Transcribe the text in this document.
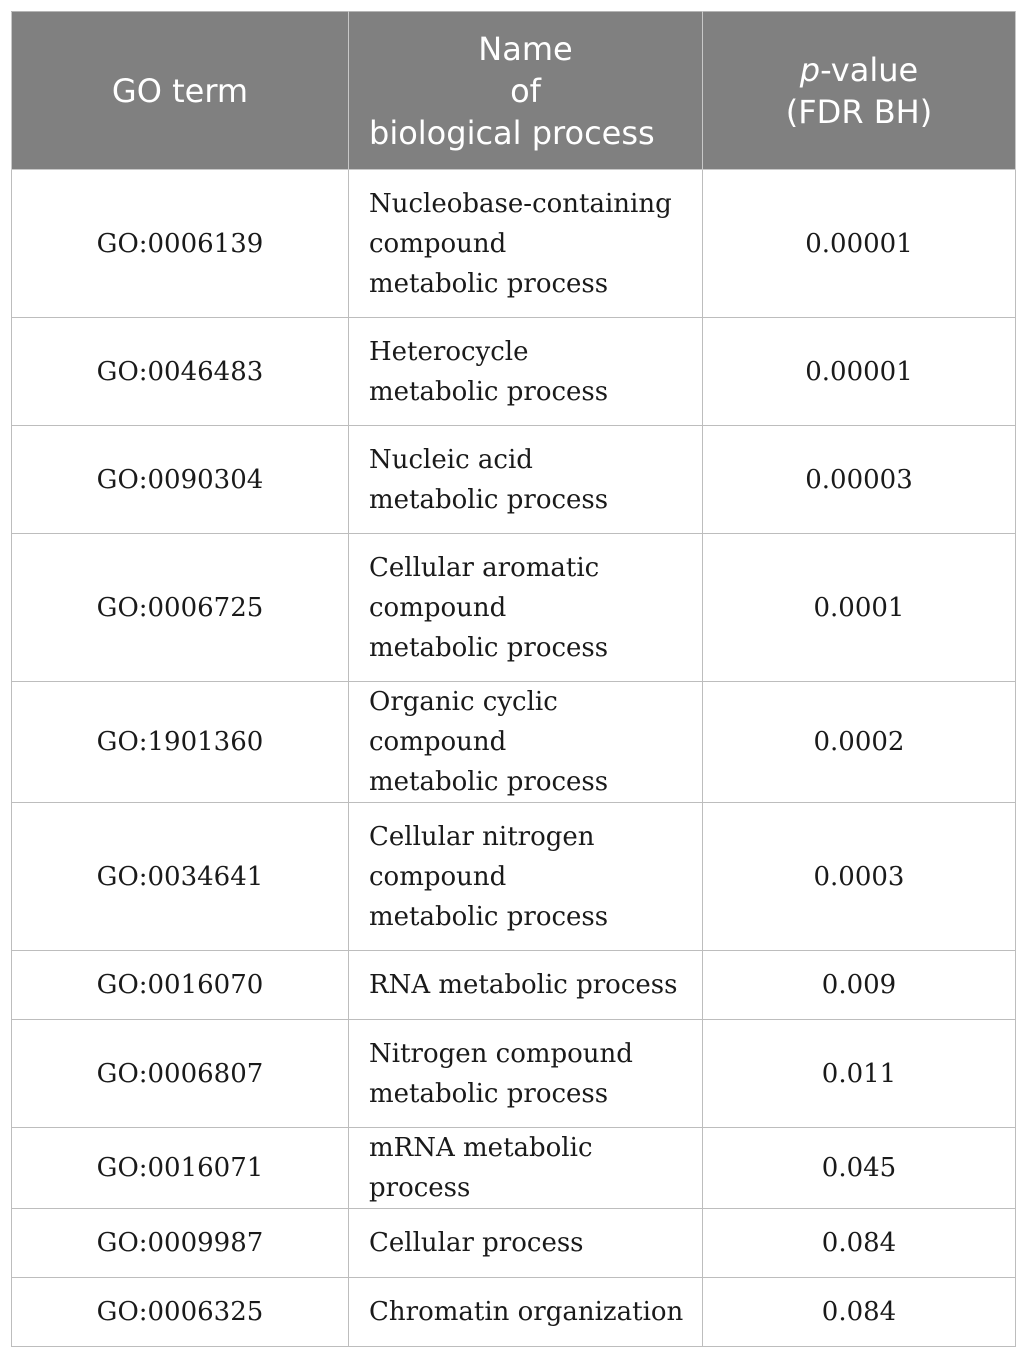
GO term	Name
of
biological process	p-value
(FDR BH)

GO:0006139	Nucleobase-containing
compound
metabolic process	0.00001
GO:0046483	Heterocycle
metabolic process	0.00001
GO:0090304	Nucleic acid
metabolic process	0.00003
GO:0006725	Cellular aromatic
compound
metabolic process	0.0001
GO:1901360	Organic cyclic compound
metabolic process	0.0002
GO:0034641	Cellular nitrogen
compound
metabolic process	0.0003
GO:0016070	RNA metabolic process	0.009
GO:0006807	Nitrogen compound
metabolic process	0.011
GO:0016071	mRNA metabolic process	0.045
GO:0009987	Cellular process	0.084
GO:0006325	Chromatin organization	0.084
